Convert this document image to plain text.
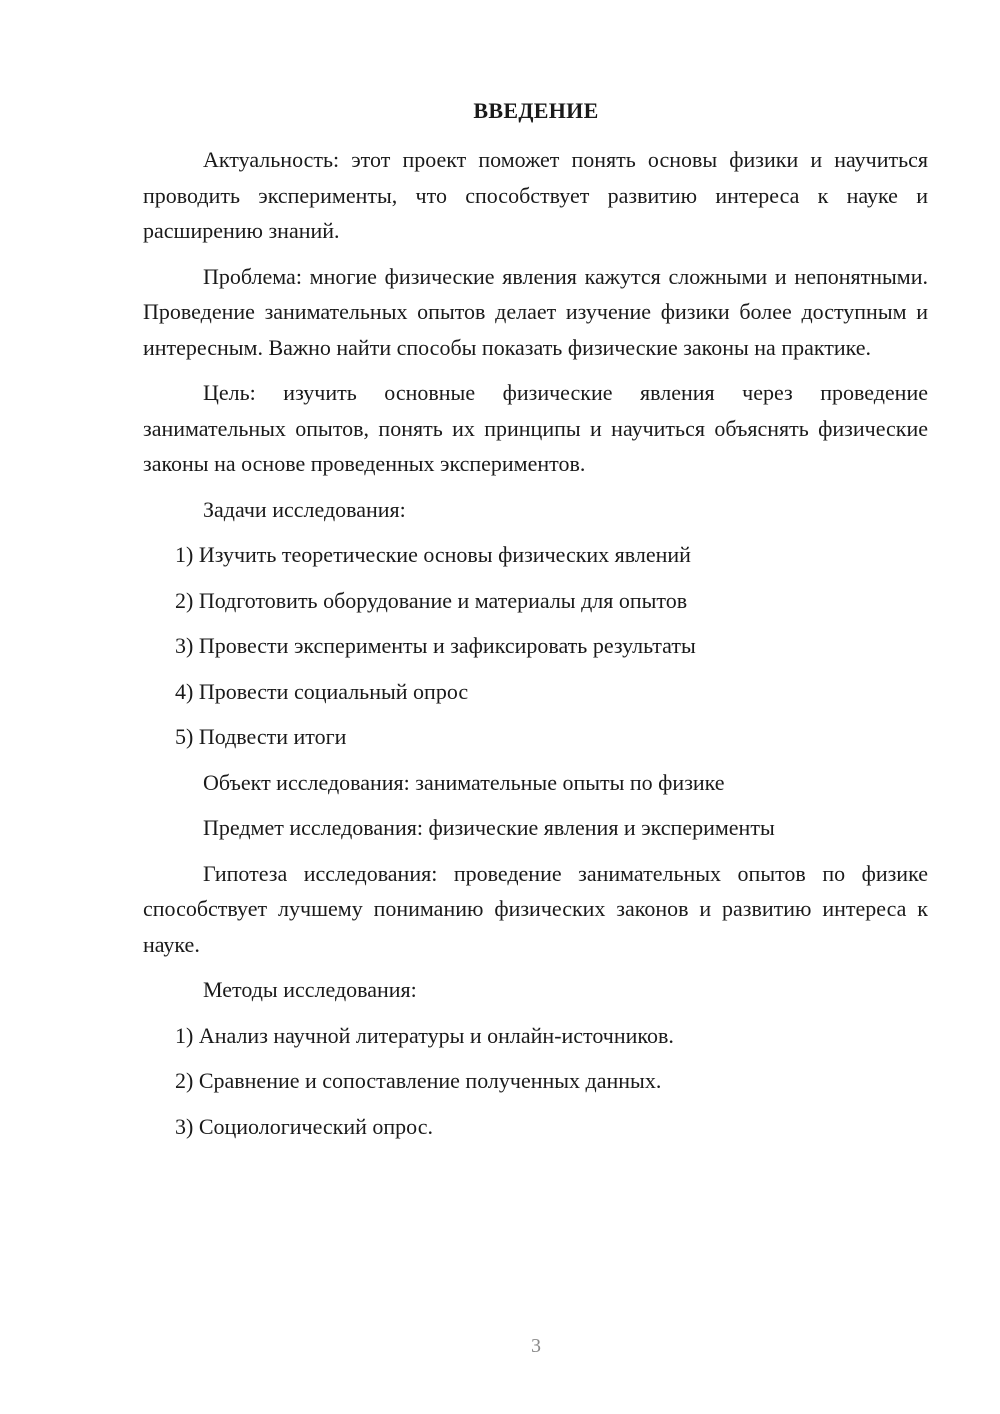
ВВЕДЕНИЕ

Актуальность: этот проект поможет понять основы физики и научиться проводить эксперименты, что способствует развитию интереса к науке и расширению знаний.

Проблема: многие физические явления кажутся сложными и непонятными. Проведение занимательных опытов делает изучение физики более доступным и интересным. Важно найти способы показать физические законы на практике.

Цель: изучить основные физические явления через проведение занимательных опытов, понять их принципы и научиться объяснять физические законы на основе проведенных экспериментов.

Задачи исследования:

1) Изучить теоретические основы физических явлений
2) Подготовить оборудование и материалы для опытов
3) Провести эксперименты и зафиксировать результаты
4) Провести социальный опрос
5) Подвести итоги

Объект исследования: занимательные опыты по физике

Предмет исследования: физические явления и эксперименты

Гипотеза исследования: проведение занимательных опытов по физике способствует лучшему пониманию физических законов и развитию интереса к науке.

Методы исследования:

1) Анализ научной литературы и онлайн-источников.
2) Сравнение и сопоставление полученных данных.
3) Социологический опрос.
3
